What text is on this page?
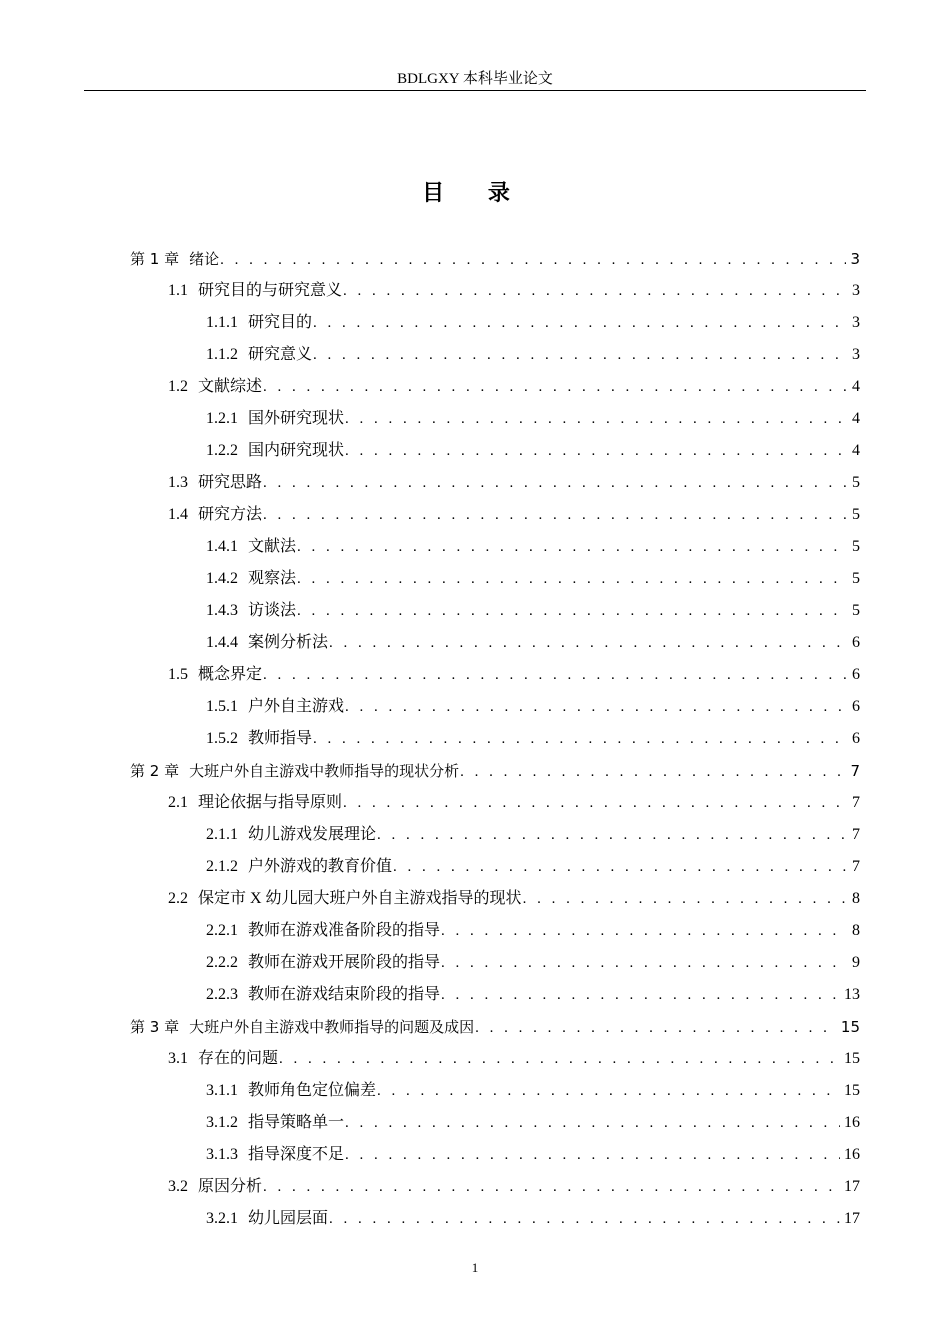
BDLGXY 本科毕业论文
目 录
第 1 章 绪论 . . .	3
1.1 研究目的与研究意义 . . .	3
1.1.1 研究目的 . . .	3
1.1.2 研究意义 . . .	3
1.2 文献综述 . . .	4
1.2.1 国外研究现状 . . .	4
1.2.2 国内研究现状 . . .	4
1.3 研究思路 . . .	5
1.4 研究方法 . . .	5
1.4.1 文献法 . . .	5
1.4.2 观察法 . . .	5
1.4.3 访谈法 . . .	5
1.4.4 案例分析法 . . .	6
1.5 概念界定 . . .	6
1.5.1 户外自主游戏 . . .	6
1.5.2 教师指导 . . .	6
第 2 章 大班户外自主游戏中教师指导的现状分析 . . .	7
2.1 理论依据与指导原则 . . .	7
2.1.1 幼儿游戏发展理论 . . .	7
2.1.2 户外游戏的教育价值 . . .	7
2.2 保定市 X 幼儿园大班户外自主游戏指导的现状 . . .	8
2.2.1 教师在游戏准备阶段的指导 . . .	8
2.2.2 教师在游戏开展阶段的指导 . . .	9
2.2.3 教师在游戏结束阶段的指导 . . .	13
第 3 章 大班户外自主游戏中教师指导的问题及成因 . . .	15
3.1 存在的问题 . . .	15
3.1.1 教师角色定位偏差 . . .	15
3.1.2 指导策略单一 . . .	16
3.1.3 指导深度不足 . . .	16
3.2 原因分析 . . .	17
3.2.1 幼儿园层面 . . .	17
1
